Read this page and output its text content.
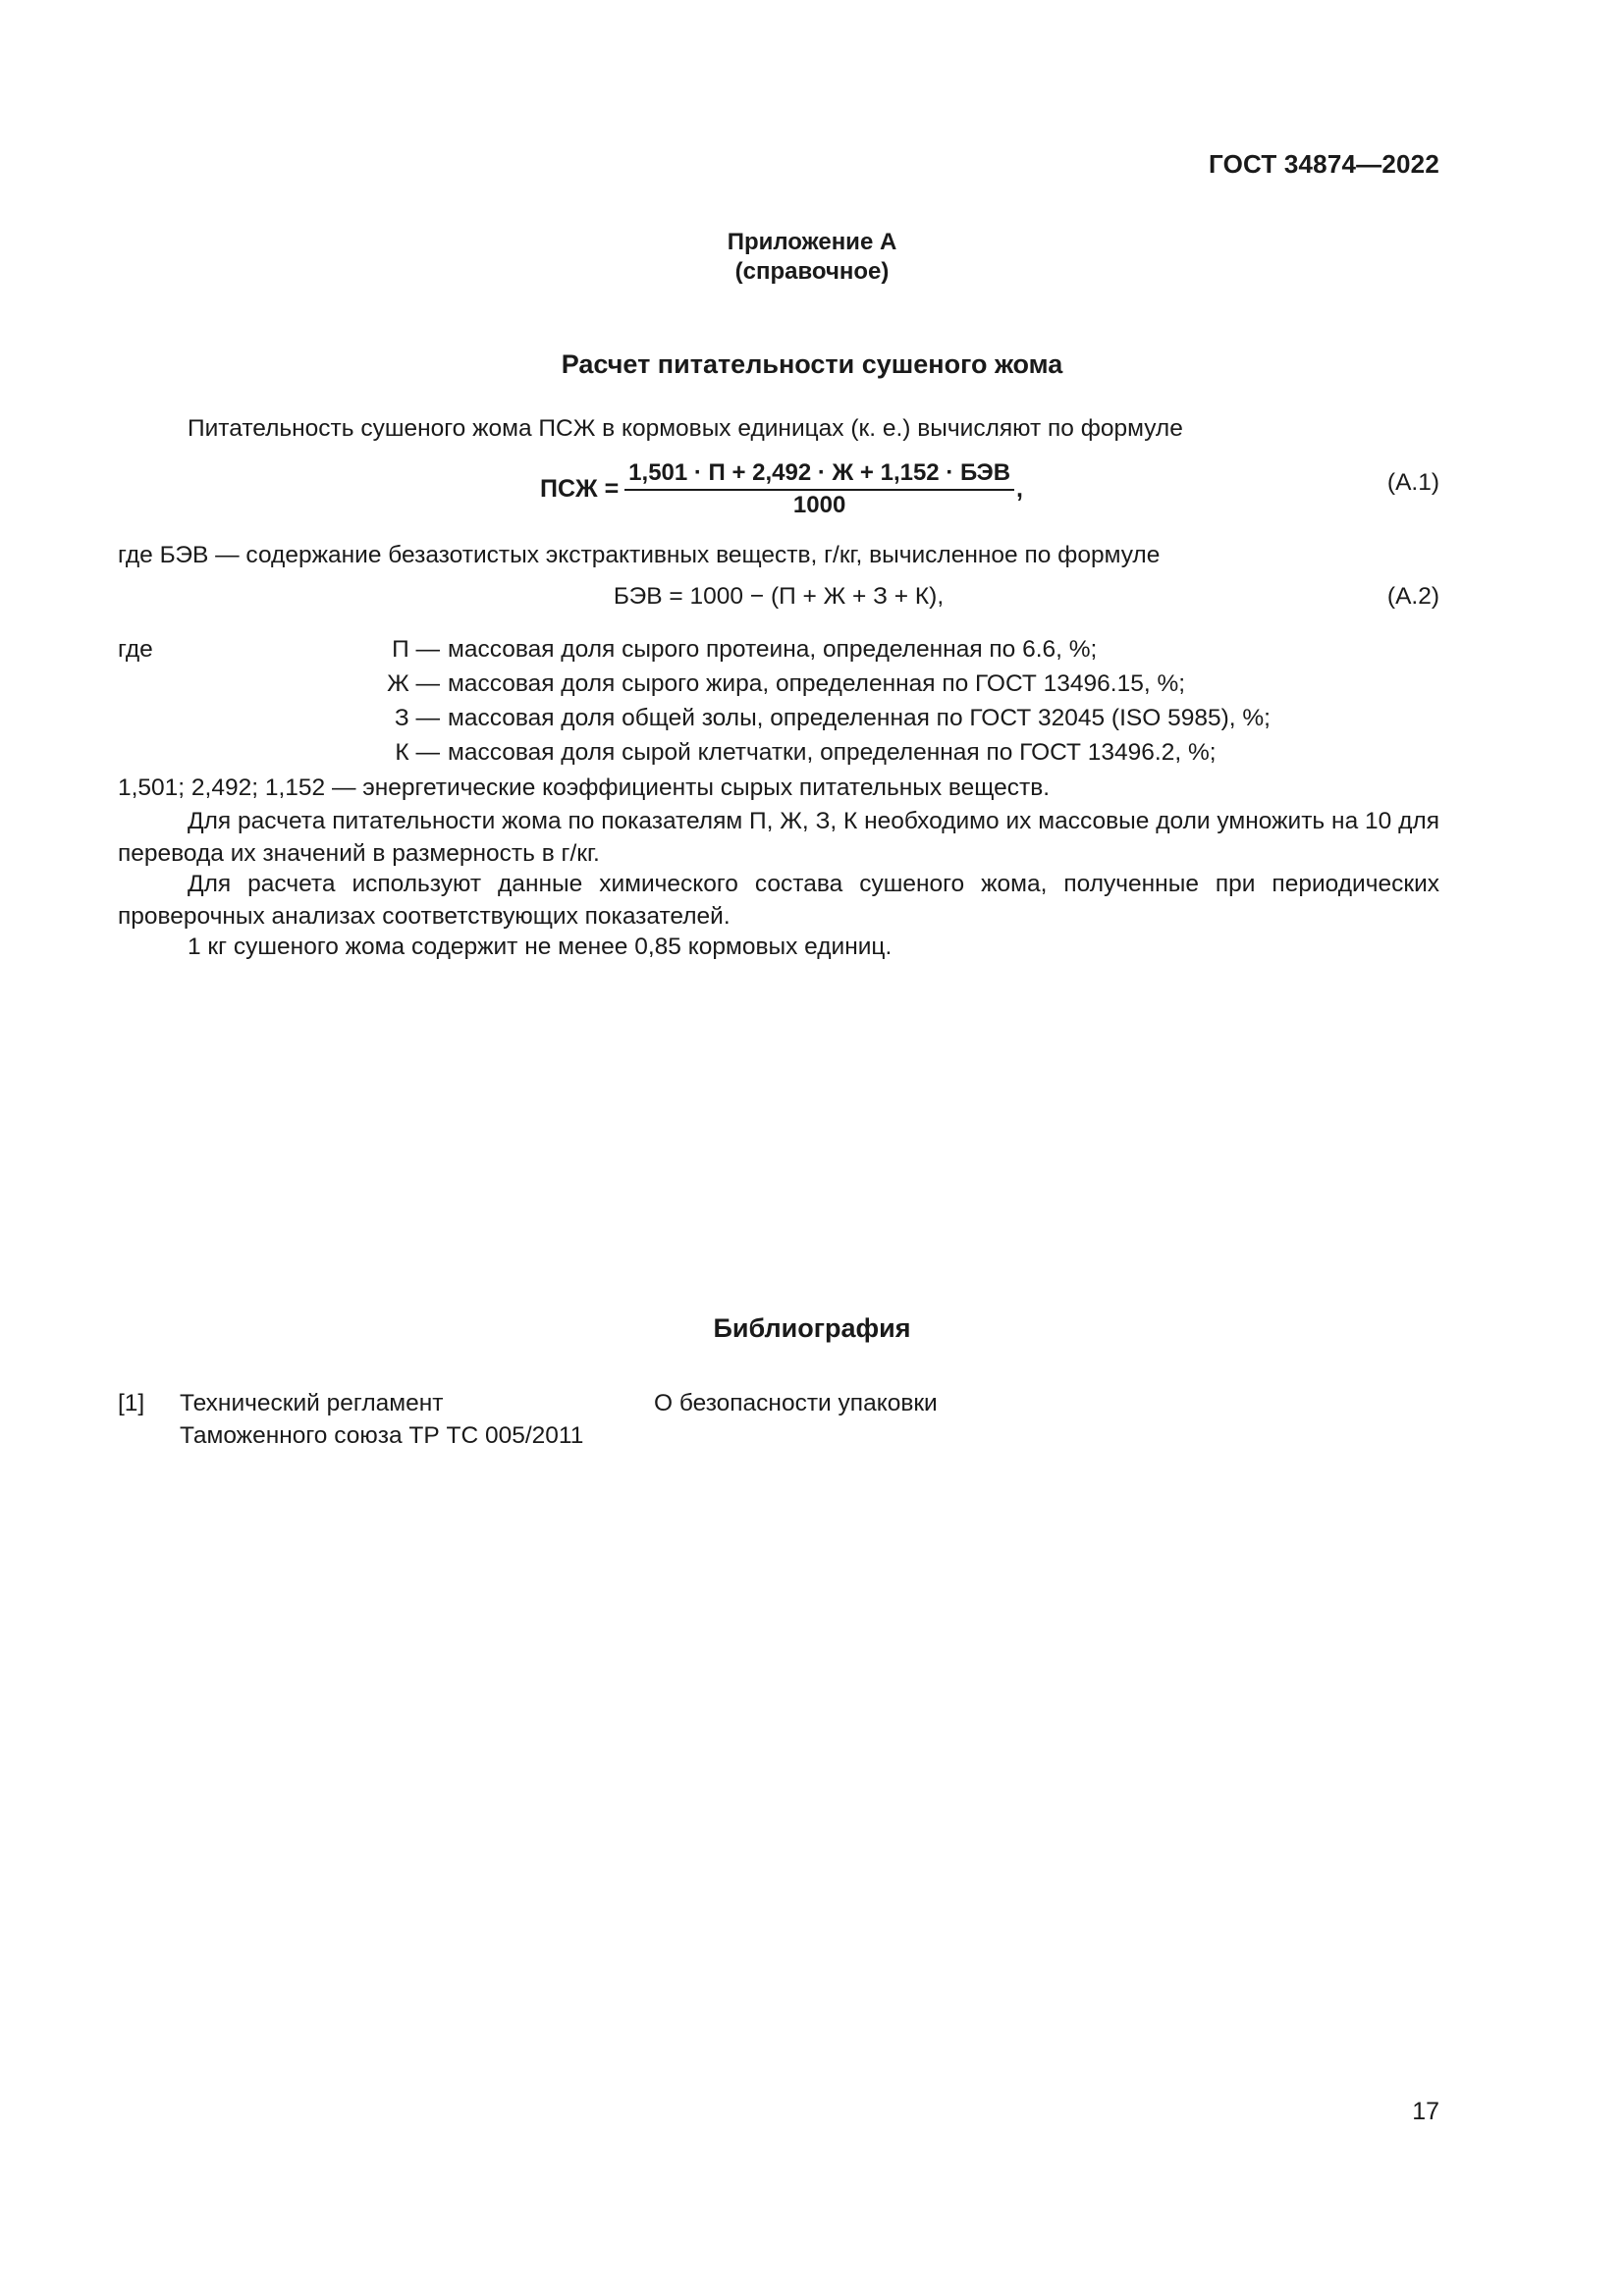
ГОСТ 34874—2022
Приложение А
(справочное)
Расчет питательности сушеного жома
Питательность сушеного жома ПСЖ в кормовых единицах (к. е.) вычисляют по формуле
ПСЖ = $\frac{\text{1,501 · П + 2,492 · Ж + 1,152 · БЭВ}}{1000}$ ,	(А.1)
где БЭВ — содержание безазотистых экстрактивных веществ, г/кг, вычисленное по формуле
БЭВ = 1000 − (П + Ж + З + К),	(А.2)
где	П — массовая доля сырого протеина, определенная по 6.6, %;
Ж — массовая доля сырого жира, определенная по ГОСТ 13496.15, %;
З — массовая доля общей золы, определенная по ГОСТ 32045 (ISO 5985), %;
К — массовая доля сырой клетчатки, определенная по ГОСТ 13496.2, %;
1,501; 2,492; 1,152 — энергетические коэффициенты сырых питательных веществ.
Для расчета питательности жома по показателям П, Ж, З, К необходимо их массовые доли умножить на 10 для перевода их значений в размерность в г/кг.
Для расчета используют данные химического состава сушеного жома, полученные при периодических проверочных анализах соответствующих показателей.
1 кг сушеного жома содержит не менее 0,85 кормовых единиц.
Библиография
[1] Технический регламент
Таможенного союза ТР ТС 005/2011
О безопасности упаковки
17
